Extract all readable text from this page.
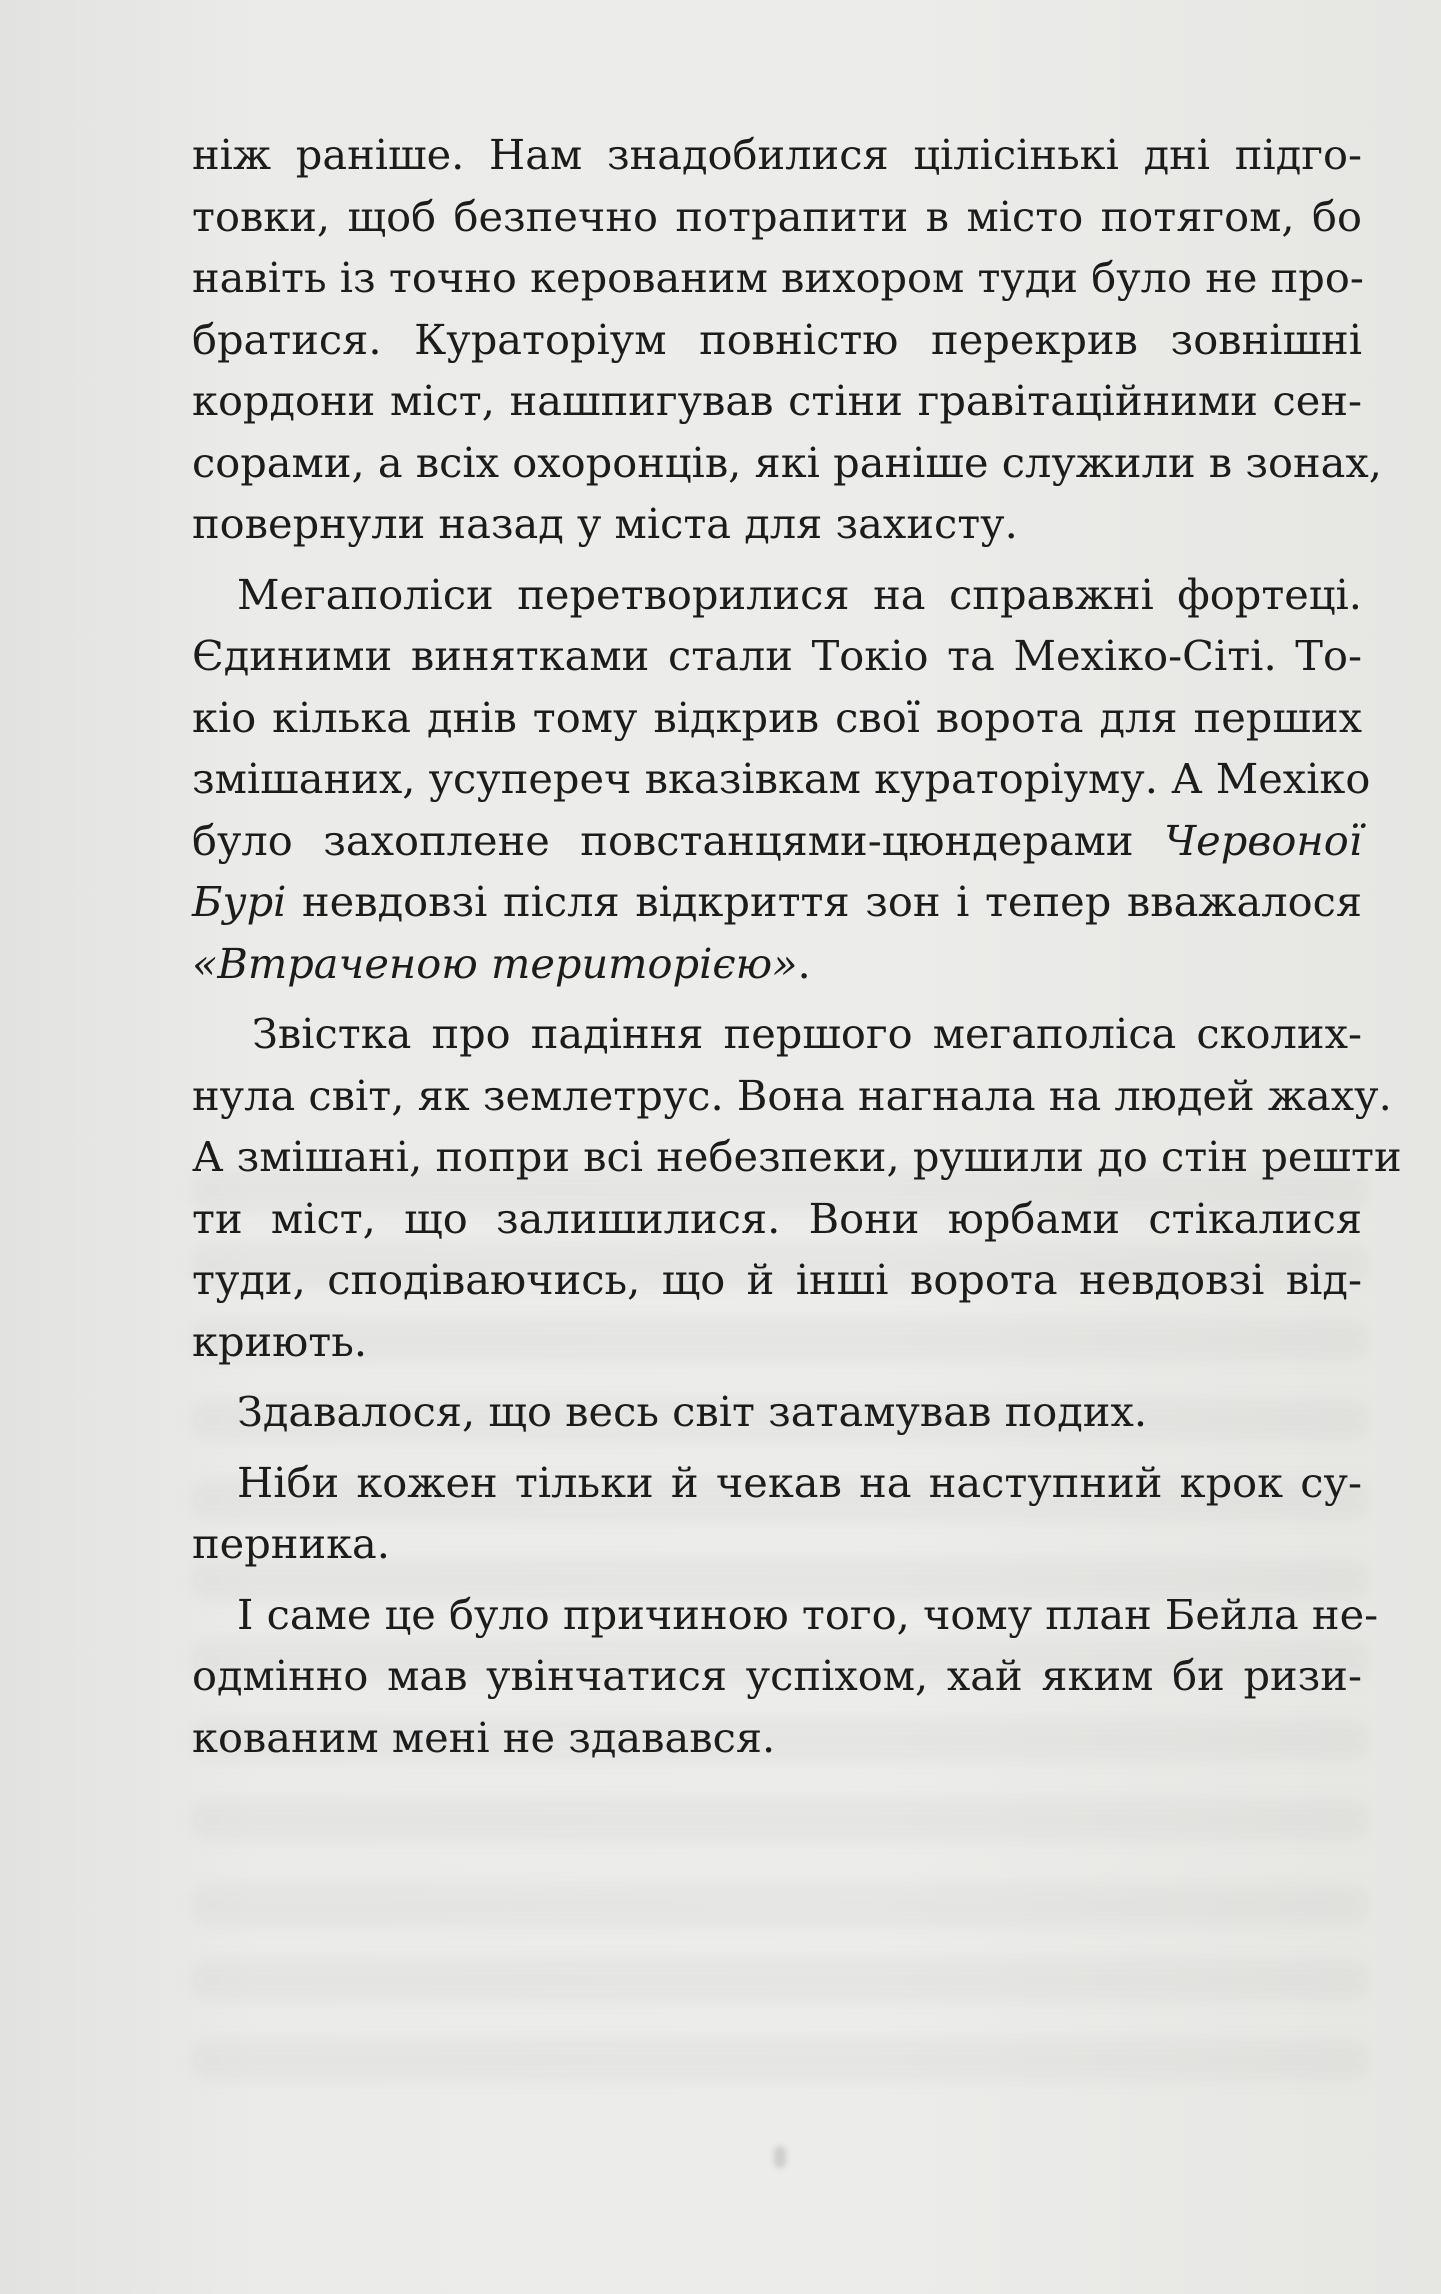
ніж раніше. Нам знадобилися цілісінькі дні підго-
товки, щоб безпечно потрапити в місто потягом, бо
навіть із точно керованим вихором туди було не про-
братися. Кураторіум повністю перекрив зовнішні
кордони міст, нашпигував стіни гравітаційними сен-
сорами, а всіх охоронців, які раніше служили в зонах,
повернули назад у міста для захисту.
Мегаполіси перетворилися на справжні фортеці.
Єдиними винятками стали Токіо та Мехіко-Сіті. То-
кіо кілька днів тому відкрив свої ворота для перших
змішаних, усупереч вказівкам кураторіуму. А Мехіко
було захоплене повстанцями-цюндерами Червоної
Бурі невдовзі після відкриття зон і тепер вважалося
«Втраченою територією».
Звістка про падіння першого мегаполіса сколих-
нула світ, як землетрус. Вона нагнала на людей жаху.
А змішані, попри всі небезпеки, рушили до стін решти
ти міст, що залишилися. Вони юрбами стікалися
туди, сподіваючись, що й інші ворота невдовзі від-
криють.
Здавалося, що весь світ затамував подих.
Ніби кожен тільки й чекав на наступний крок су-
перника.
І саме це було причиною того, чому план Бейла не-
одмінно мав увінчатися успіхом, хай яким би ризи-
кованим мені не здавався.
